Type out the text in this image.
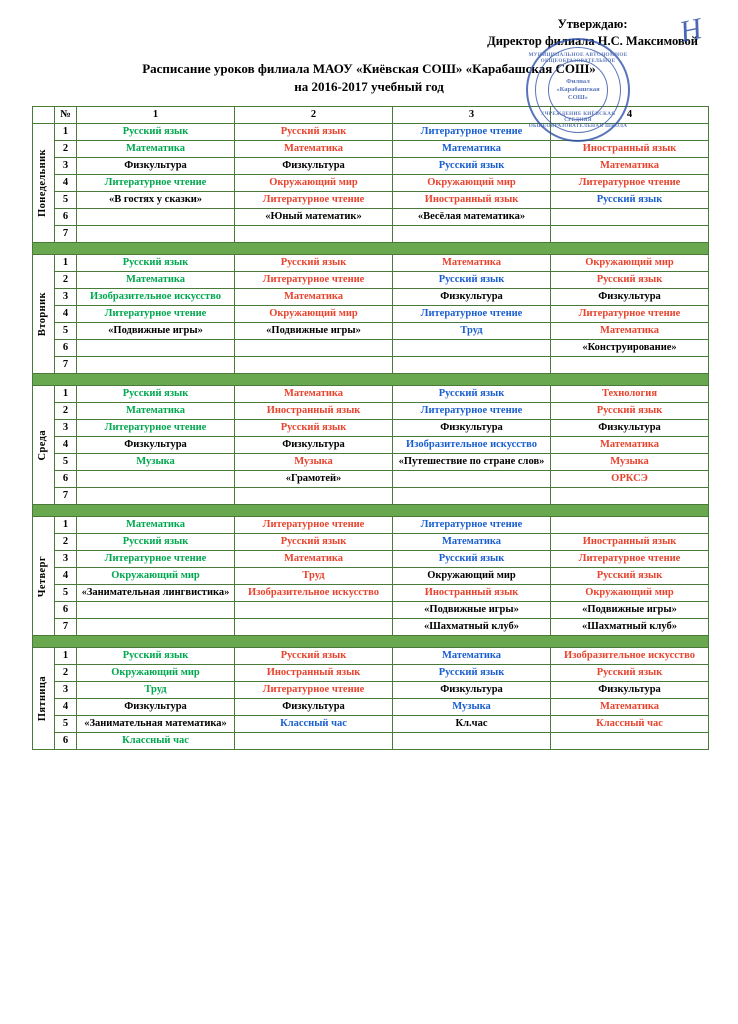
Утверждаю:
Директор филиала Н.С. Максимовой
Н
МУНИЦИПАЛЬНОЕ АВТОНОМНОЕ ОБЩЕОБРАЗОВАТЕЛЬНОЕ
УЧРЕЖДЕНИЕ КИЁВСКАЯ СРЕДНЯЯ ОБЩЕОБРАЗОВАТЕЛЬНАЯ ШКОЛА
Филиал
«Карабашская СОШ»
Расписание уроков филиала МАОУ «Киёвская СОШ» «Карабашская СОШ»
на 2016-2017 учебный год
	№	1	2	3	4

Понедельник	1	Русский язык	Русский язык	Литературное чтение	
	2	Математика	Математика	Математика	Иностранный язык
	3	Физкультура	Физкультура	Русский язык	Математика
	4	Литературное чтение	Окружающий мир	Окружающий мир	Литературное чтение
	5	«В гостях у сказки»	Литературное чтение	Иностранный язык	Русский язык
	6		«Юный математик»	«Весёлая математика»	
	7				

Вторник	1	Русский язык	Русский язык	Математика	Окружающий мир
	2	Математика	Литературное чтение	Русский язык	Русский язык
	3	Изобразительное искусство	Математика	Физкультура	Физкультура
	4	Литературное чтение	Окружающий мир	Литературное чтение	Литературное чтение
	5	«Подвижные игры»	«Подвижные игры»	Труд	Математика
	6				«Конструирование»
	7				

Среда	1	Русский язык	Математика	Русский язык	Технология
	2	Математика	Иностранный язык	Литературное чтение	Русский язык
	3	Литературное чтение	Русский язык	Физкультура	Физкультура
	4	Физкультура	Физкультура	Изобразительное искусство	Математика
	5	Музыка	Музыка	«Путешествие по стране слов»	Музыка
	6		«Грамотей»		ОРКСЭ
	7				

Четверг	1	Математика	Литературное чтение	Литературное чтение	
	2	Русский язык	Русский язык	Математика	Иностранный язык
	3	Литературное чтение	Математика	Русский язык	Литературное чтение
	4	Окружающий мир	Труд	Окружающий мир	Русский язык
	5	«Занимательная лингвистика»	Изобразительное искусство	Иностранный язык	Окружающий мир
	6			«Подвижные игры»	«Подвижные игры»
	7			«Шахматный клуб»	«Шахматный клуб»

Пятница	1	Русский язык	Русский язык	Математика	Изобразительное искусство
	2	Окружающий мир	Иностранный язык	Русский язык	Русский язык
	3	Труд	Литературное чтение	Физкультура	Физкультура
	4	Физкультура	Физкультура	Музыка	Математика
	5	«Занимательная математика»	Классный час	Кл.час	Классный час
	6	Классный час			
